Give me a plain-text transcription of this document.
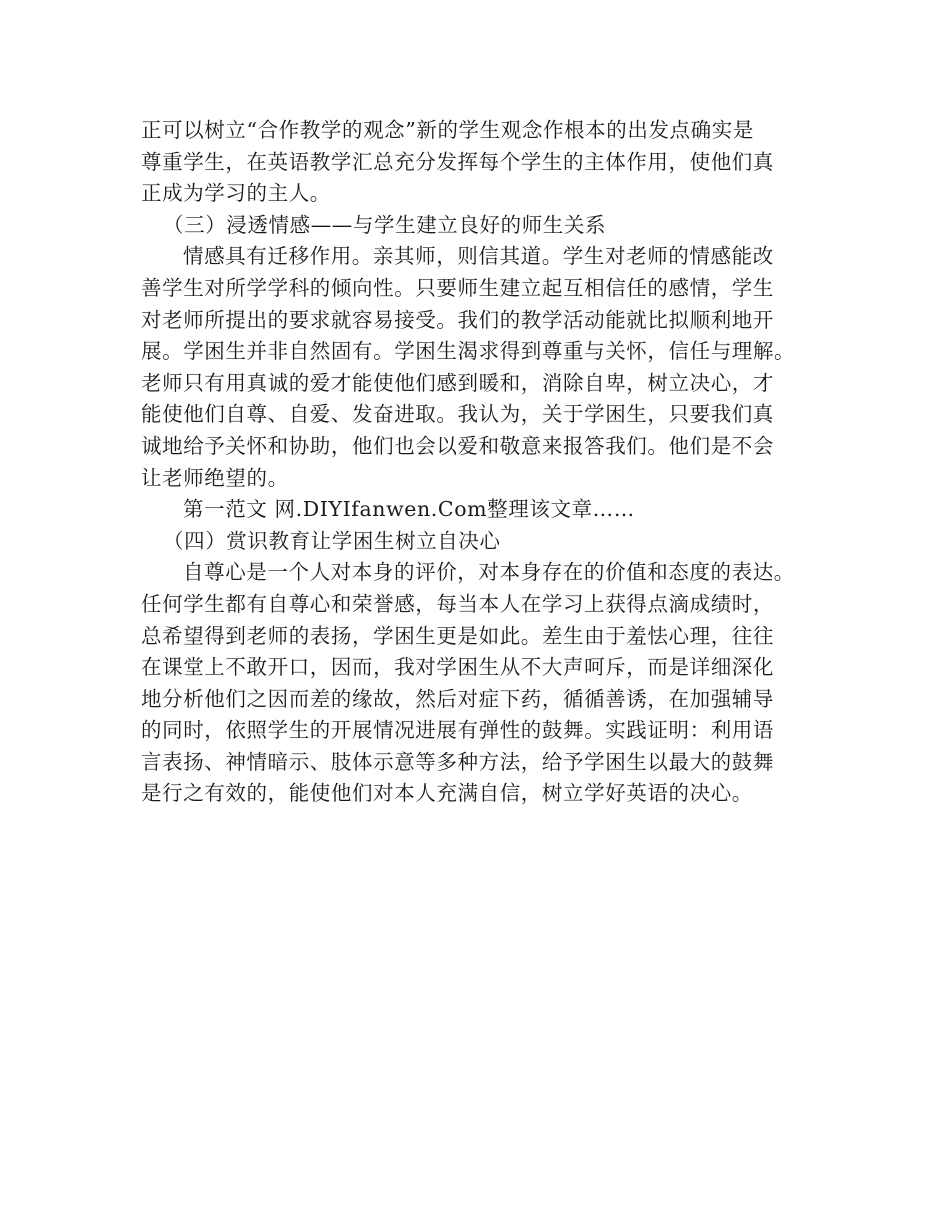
正可以树立“合作教学的观念”新的学生观念作根本的出发点确实是
尊重学生，在英语教学汇总充分发挥每个学生的主体作用，使他们真
正成为学习的主人。
（三）浸透情感——与学生建立良好的师生关系
情感具有迁移作用。亲其师，则信其道。学生对老师的情感能改
善学生对所学学科的倾向性。只要师生建立起互相信任的感情，学生
对老师所提出的要求就容易接受。我们的教学活动能就比拟顺利地开
展。学困生并非自然固有。学困生渴求得到尊重与关怀，信任与理解。
老师只有用真诚的爱才能使他们感到暖和，消除自卑，树立决心，才
能使他们自尊、自爱、发奋进取。我认为，关于学困生，只要我们真
诚地给予关怀和协助，他们也会以爱和敬意来报答我们。他们是不会
让老师绝望的。
第一范文 网.DIYIfanwen.Com整理该文章……
（四）赏识教育让学困生树立自决心
自尊心是一个人对本身的评价，对本身存在的价值和态度的表达。
任何学生都有自尊心和荣誉感，每当本人在学习上获得点滴成绩时，
总希望得到老师的表扬，学困生更是如此。差生由于羞怯心理，往往
在课堂上不敢开口，因而，我对学困生从不大声呵斥，而是详细深化
地分析他们之因而差的缘故，然后对症下药，循循善诱，在加强辅导
的同时，依照学生的开展情况进展有弹性的鼓舞。实践证明：利用语
言表扬、神情暗示、肢体示意等多种方法，给予学困生以最大的鼓舞
是行之有效的，能使他们对本人充满自信，树立学好英语的决心。
